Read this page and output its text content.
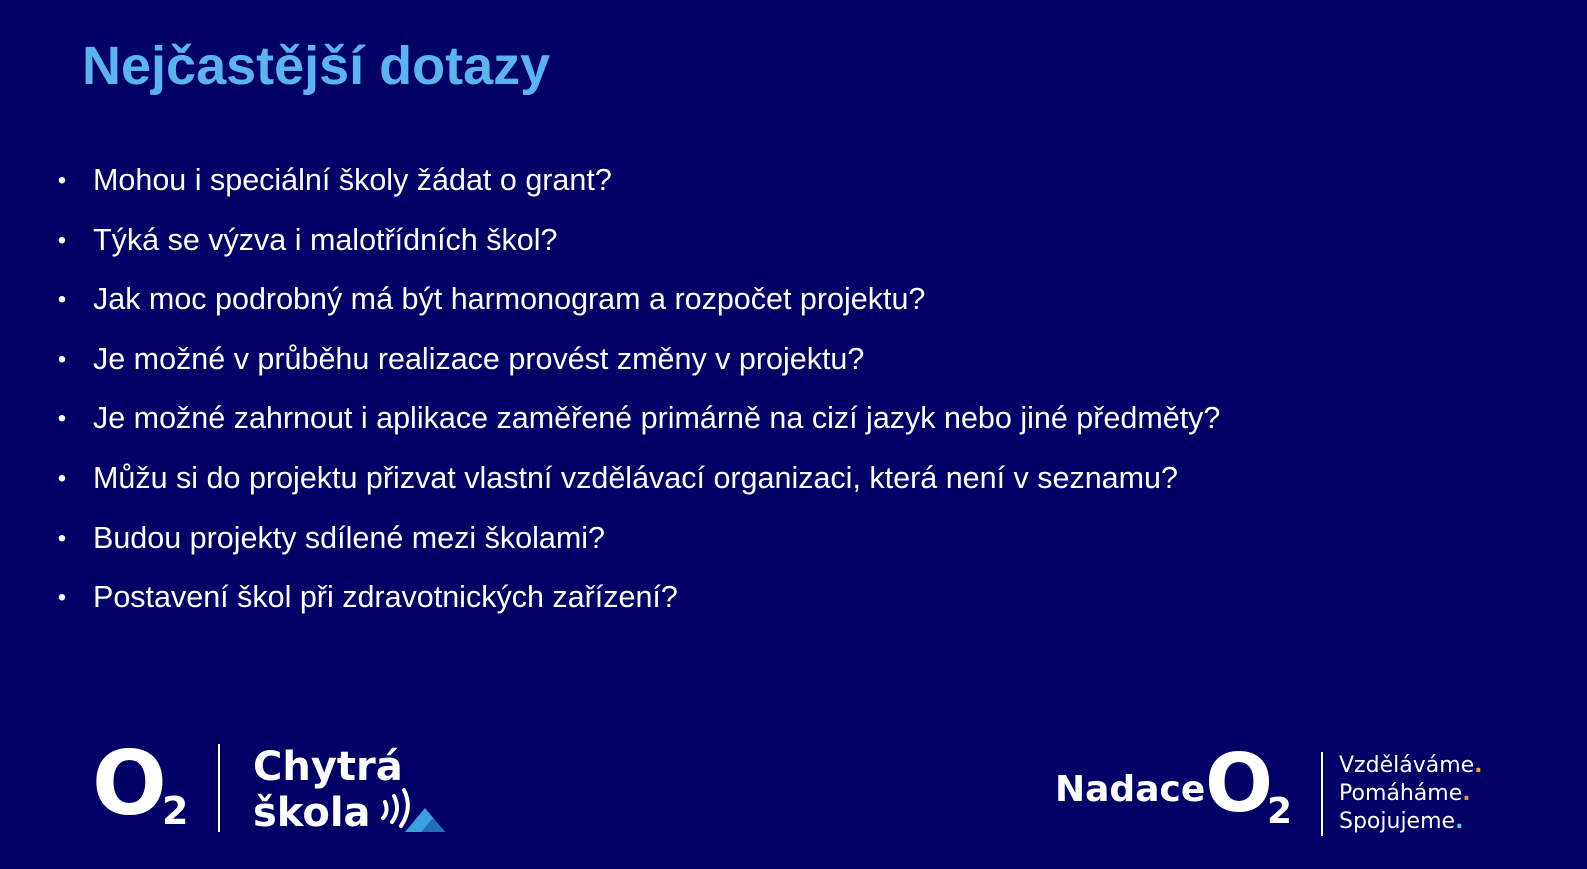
Nejčastější dotazy
• Mohou i speciální školy žádat o grant?
• Týká se výzva i malotřídních škol?
• Jak moc podrobný má být harmonogram a rozpočet projektu?
• Je možné v průběhu realizace provést změny v projektu?
• Je možné zahrnout i aplikace zaměřené primárně na cizí jazyk nebo jiné předměty?
• Můžu si do projektu přizvat vlastní vzdělávací organizaci, která není v seznamu?
• Budou projekty sdílené mezi školami?
• Postavení škol při zdravotnických zařízení?
O
2
Chytrá
škola
Nadace O
2
Vzděláváme.
Pomáháme.
Spojujeme.
